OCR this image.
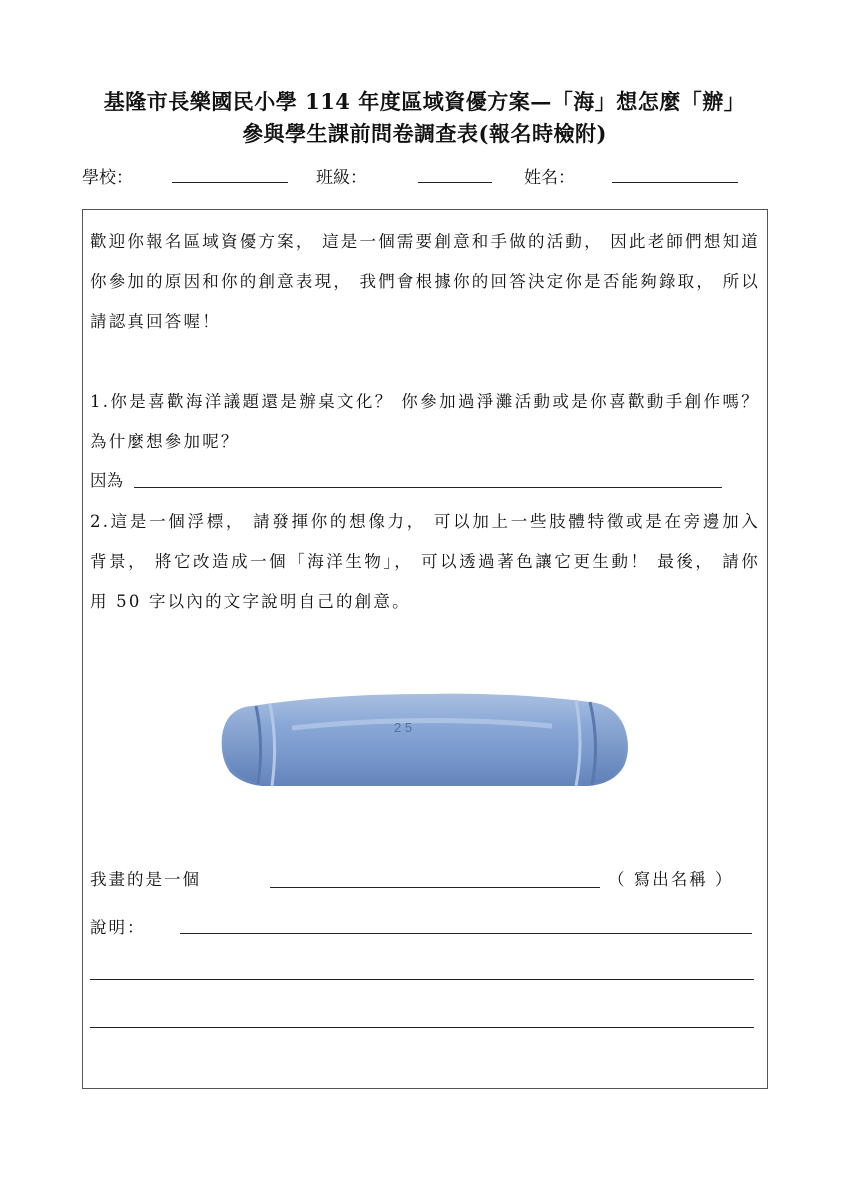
基隆市長樂國民小學 114 年度區域資優方案—「海」想怎麼「辦」
參與學生課前問卷調查表(報名時檢附)
學校：	班級：	姓名：
歡迎你報名區域資優方案， 這是一個需要創意和手做的活動， 因此老師們想知道你參加的原因和你的創意表現， 我們會根據你的回答決定你是否能夠錄取， 所以請認真回答喔！
1.你是喜歡海洋議題還是辦桌文化？ 你參加過淨灘活動或是你喜歡動手創作嗎？ 為什麼想參加呢？
因為
2.這是一個浮標， 請發揮你的想像力， 可以加上一些肢體特徵或是在旁邊加入背景， 將它改造成一個「海洋生物」， 可以透過著色讓它更生動！ 最後， 請你用 50 字以內的文字說明自己的創意。
2 5
我畫的是一個	（ 寫出名稱 ）
說明：
